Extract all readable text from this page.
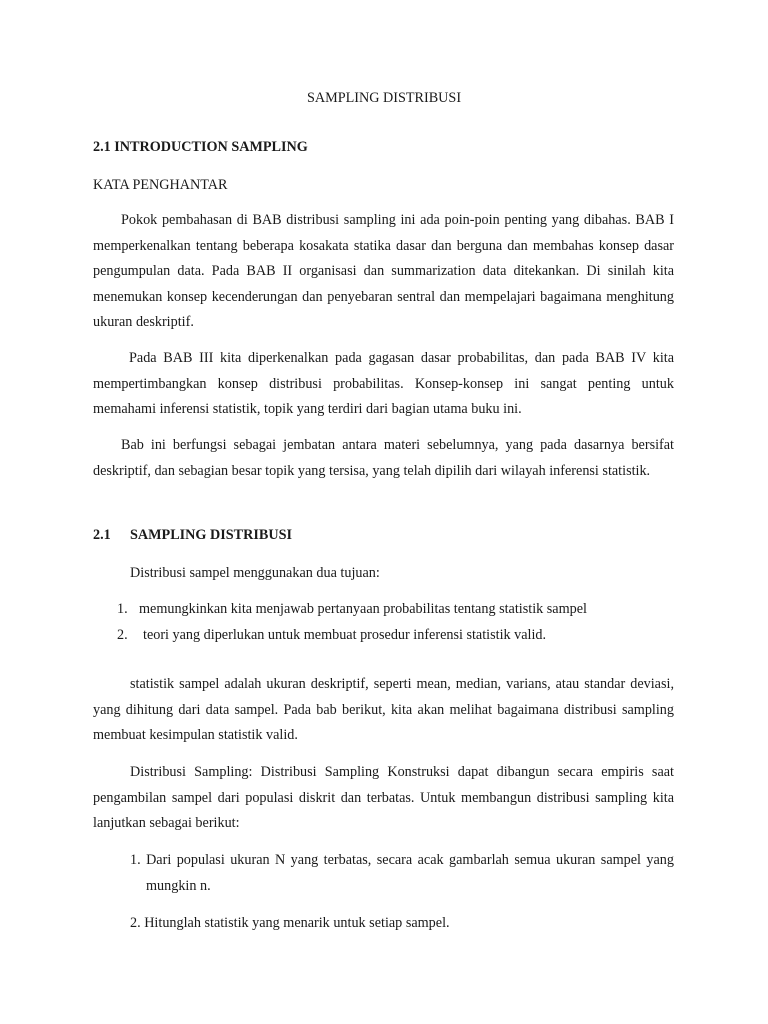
SAMPLING DISTRIBUSI
2.1 INTRODUCTION SAMPLING
KATA PENGHANTAR

Pokok pembahasan di BAB distribusi sampling ini ada poin-poin penting yang dibahas. BAB I memperkenalkan tentang beberapa kosakata statika dasar dan berguna dan membahas konsep dasar pengumpulan data. Pada BAB II organisasi dan summarization data ditekankan. Di sinilah kita menemukan konsep kecenderungan dan penyebaran sentral dan mempelajari bagaimana menghitung ukuran deskriptif.

Pada BAB III kita diperkenalkan pada gagasan dasar probabilitas, dan pada BAB IV kita mempertimbangkan konsep distribusi probabilitas. Konsep-konsep ini sangat penting untuk memahami inferensi statistik, topik yang terdiri dari bagian utama buku ini.

Bab ini berfungsi sebagai jembatan antara materi sebelumnya, yang pada dasarnya bersifat deskriptif, dan sebagian besar topik yang tersisa, yang telah dipilih dari wilayah inferensi statistik.

2.1 SAMPLING DISTRIBUSI
Distribusi sampel menggunakan dua tujuan:
1. memungkinkan kita menjawab pertanyaan probabilitas tentang statistik sampel
2. teori yang diperlukan untuk membuat prosedur inferensi statistik valid.

statistik sampel adalah ukuran deskriptif, seperti mean, median, varians, atau standar deviasi, yang dihitung dari data sampel. Pada bab berikut, kita akan melihat bagaimana distribusi sampling membuat kesimpulan statistik valid.

Distribusi Sampling: Distribusi Sampling Konstruksi dapat dibangun secara empiris saat pengambilan sampel dari populasi diskrit dan terbatas. Untuk membangun distribusi sampling kita lanjutkan sebagai berikut:

1. Dari populasi ukuran N yang terbatas, secara acak gambarlah semua ukuran sampel yang mungkin n.
2. Hitunglah statistik yang menarik untuk setiap sampel.
